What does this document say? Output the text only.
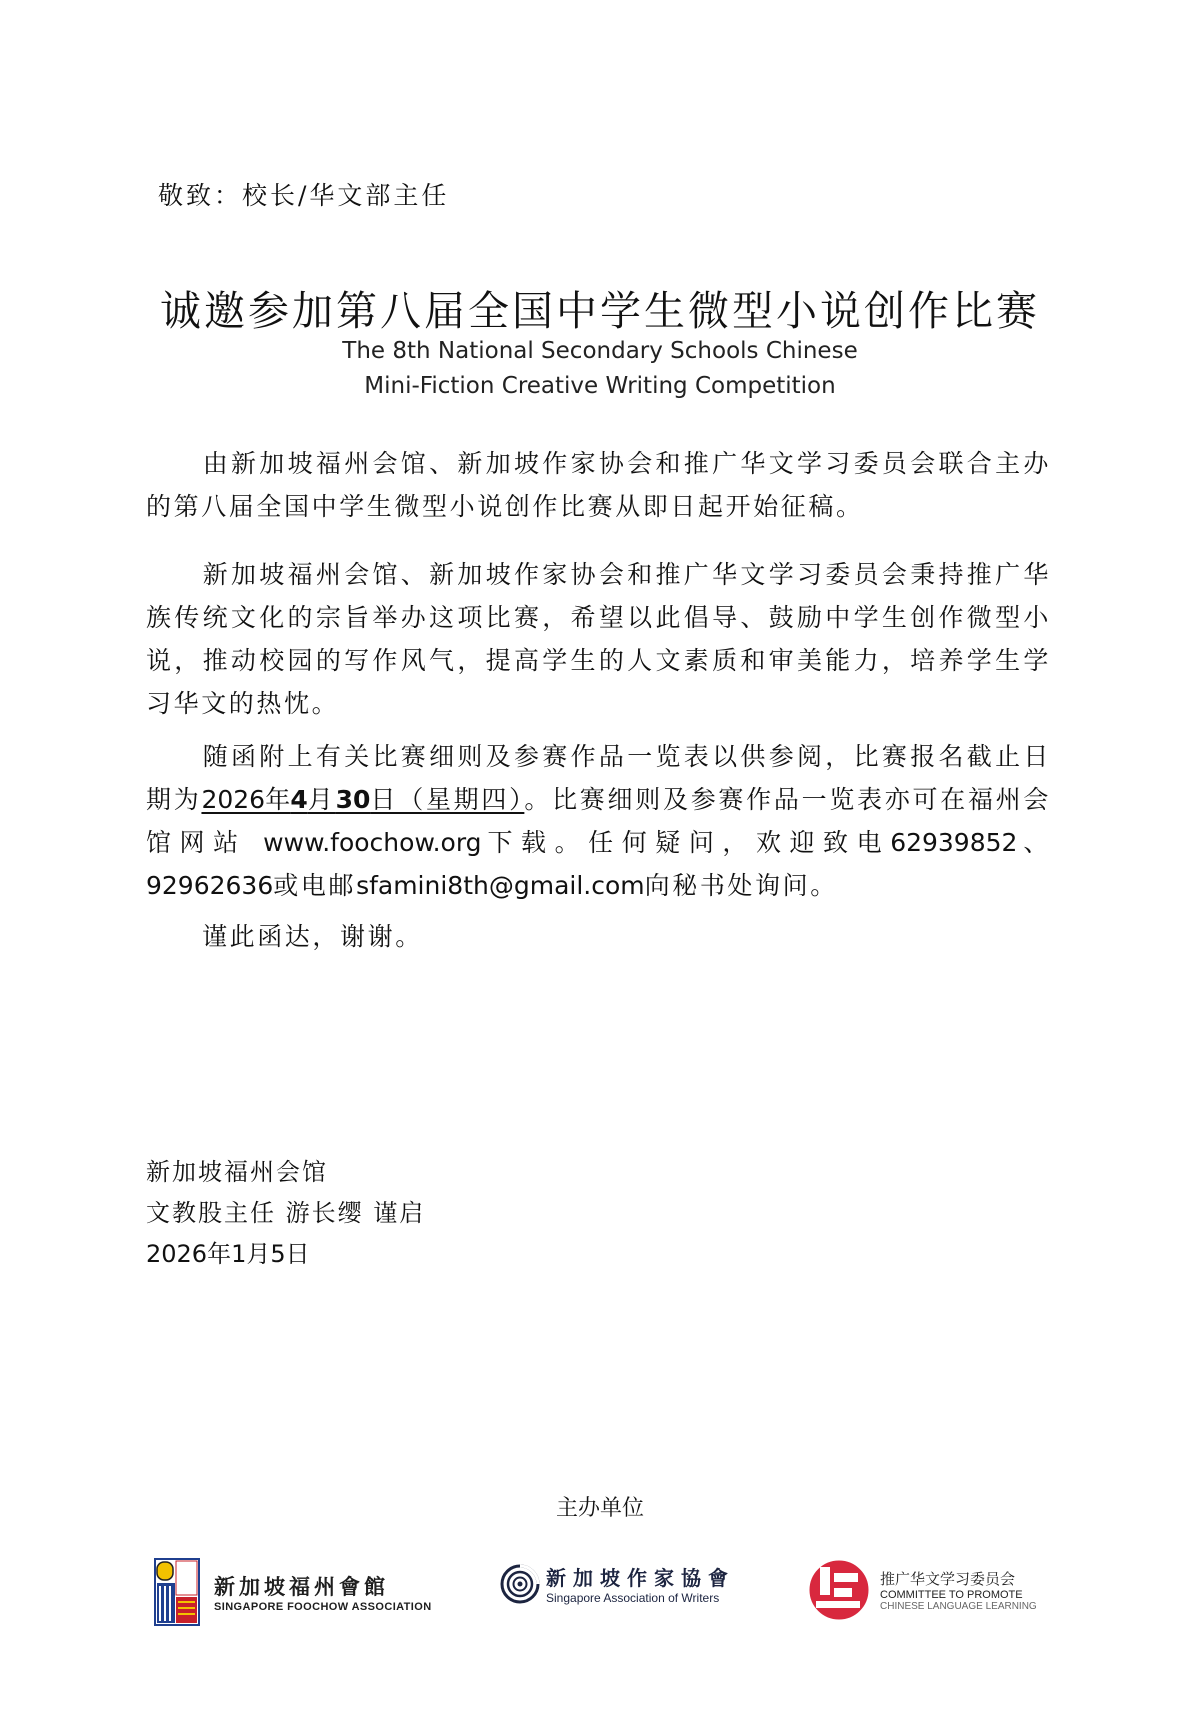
敬致：校长/华文部主任
诚邀参加第八届全国中学生微型小说创作比赛
The 8th National Secondary Schools Chinese
Mini-Fiction Creative Writing Competition
由新加坡福州会馆、新加坡作家协会和推广华文学习委员会联合主办的第八届全国中学生微型小说创作比赛从即日起开始征稿。
新加坡福州会馆、新加坡作家协会和推广华文学习委员会秉持推广华族传统文化的宗旨举办这项比赛，希望以此倡导、鼓励中学生创作微型小说，推动校园的写作风气，提高学生的人文素质和审美能力，培养学生学习华文的热忱。
随函附上有关比赛细则及参赛作品一览表以供参阅，比赛报名截止日期为2026年4月30日（星期四）。比赛细则及参赛作品一览表亦可在福州会馆网站 www.foochow.org下载。任何疑问，欢迎致电62939852、92962636或电邮sfamini8th@gmail.com向秘书处询问。
谨此函达，谢谢。
新加坡福州会馆
文教股主任 游长缨 谨启
2026年1月5日
主办单位
新加坡福州會館
SINGAPORE FOOCHOW ASSOCIATION
新加坡作家協會
Singapore Association of Writers
推广华文学习委员会
COMMITTEE TO PROMOTE
CHINESE LANGUAGE LEARNING
